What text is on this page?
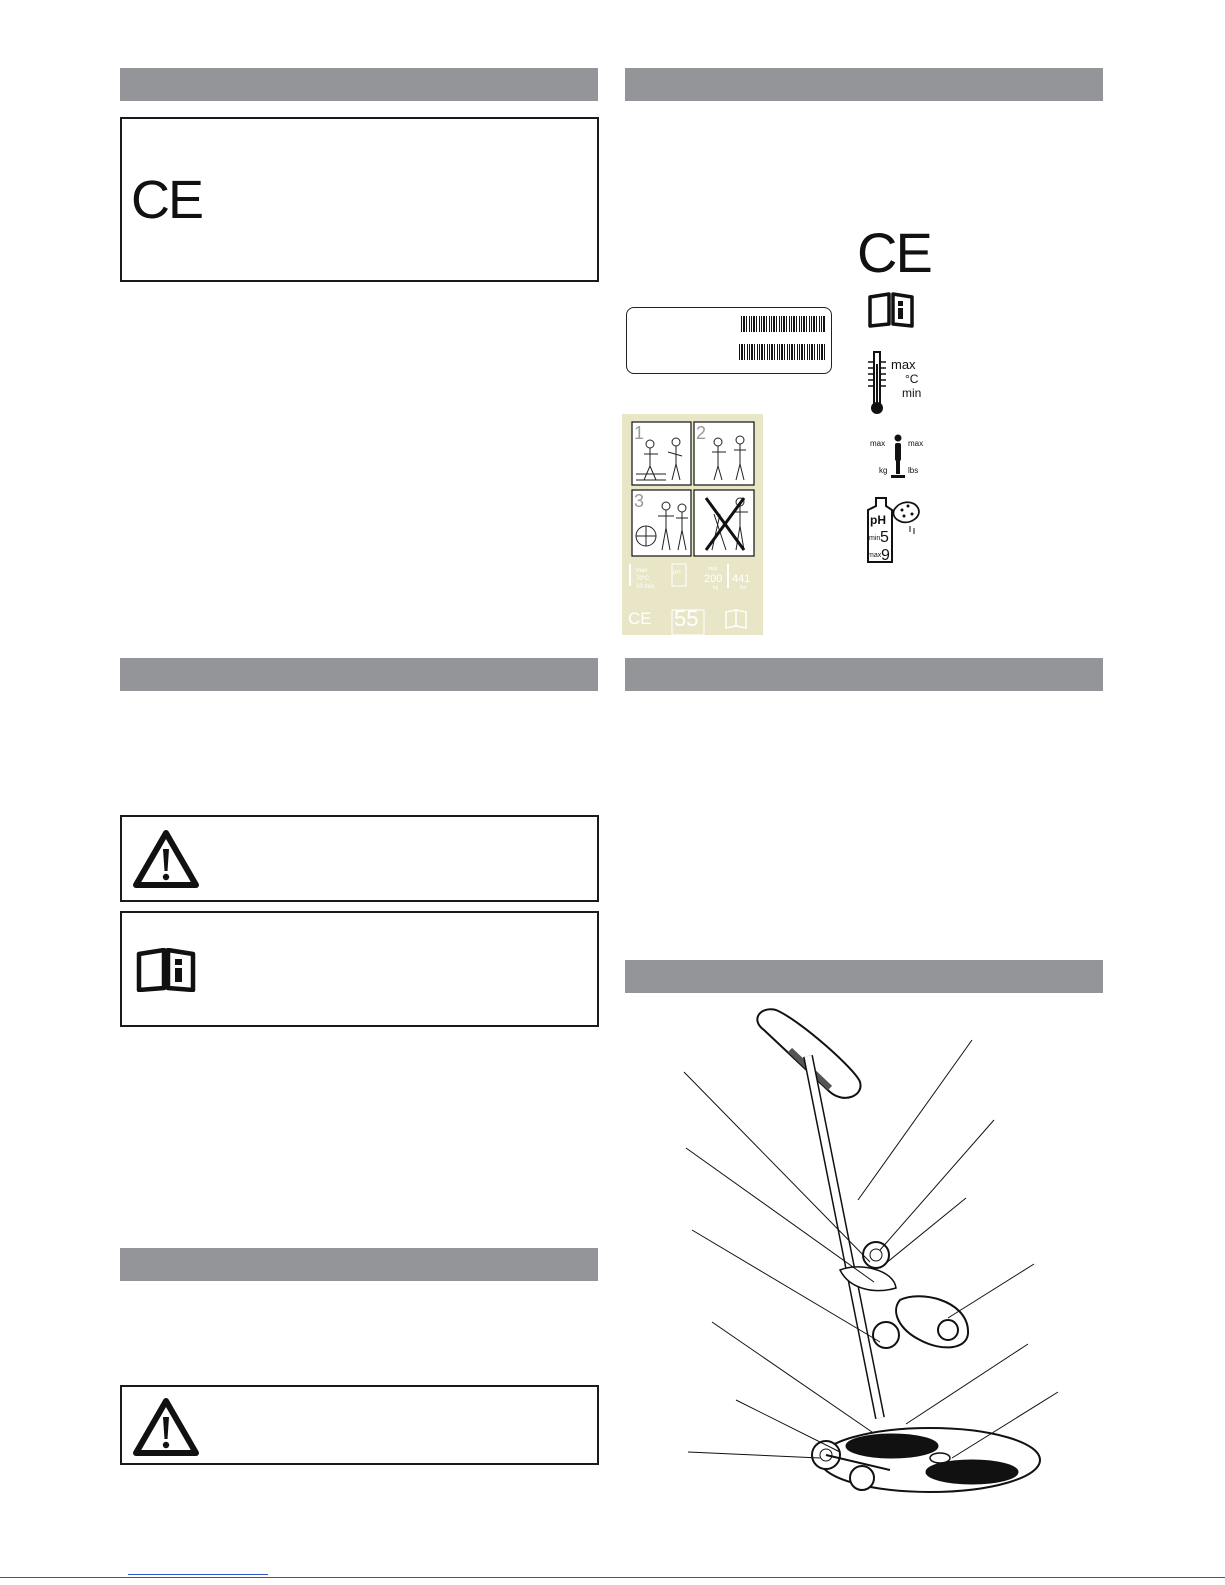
CE
1	2
3
max
70°C
10 min.
pH
max
200
kg
441
lbs
CE 55
CE
max
°C
min
max	max
kg	lbs
pH
min 5
max 9
